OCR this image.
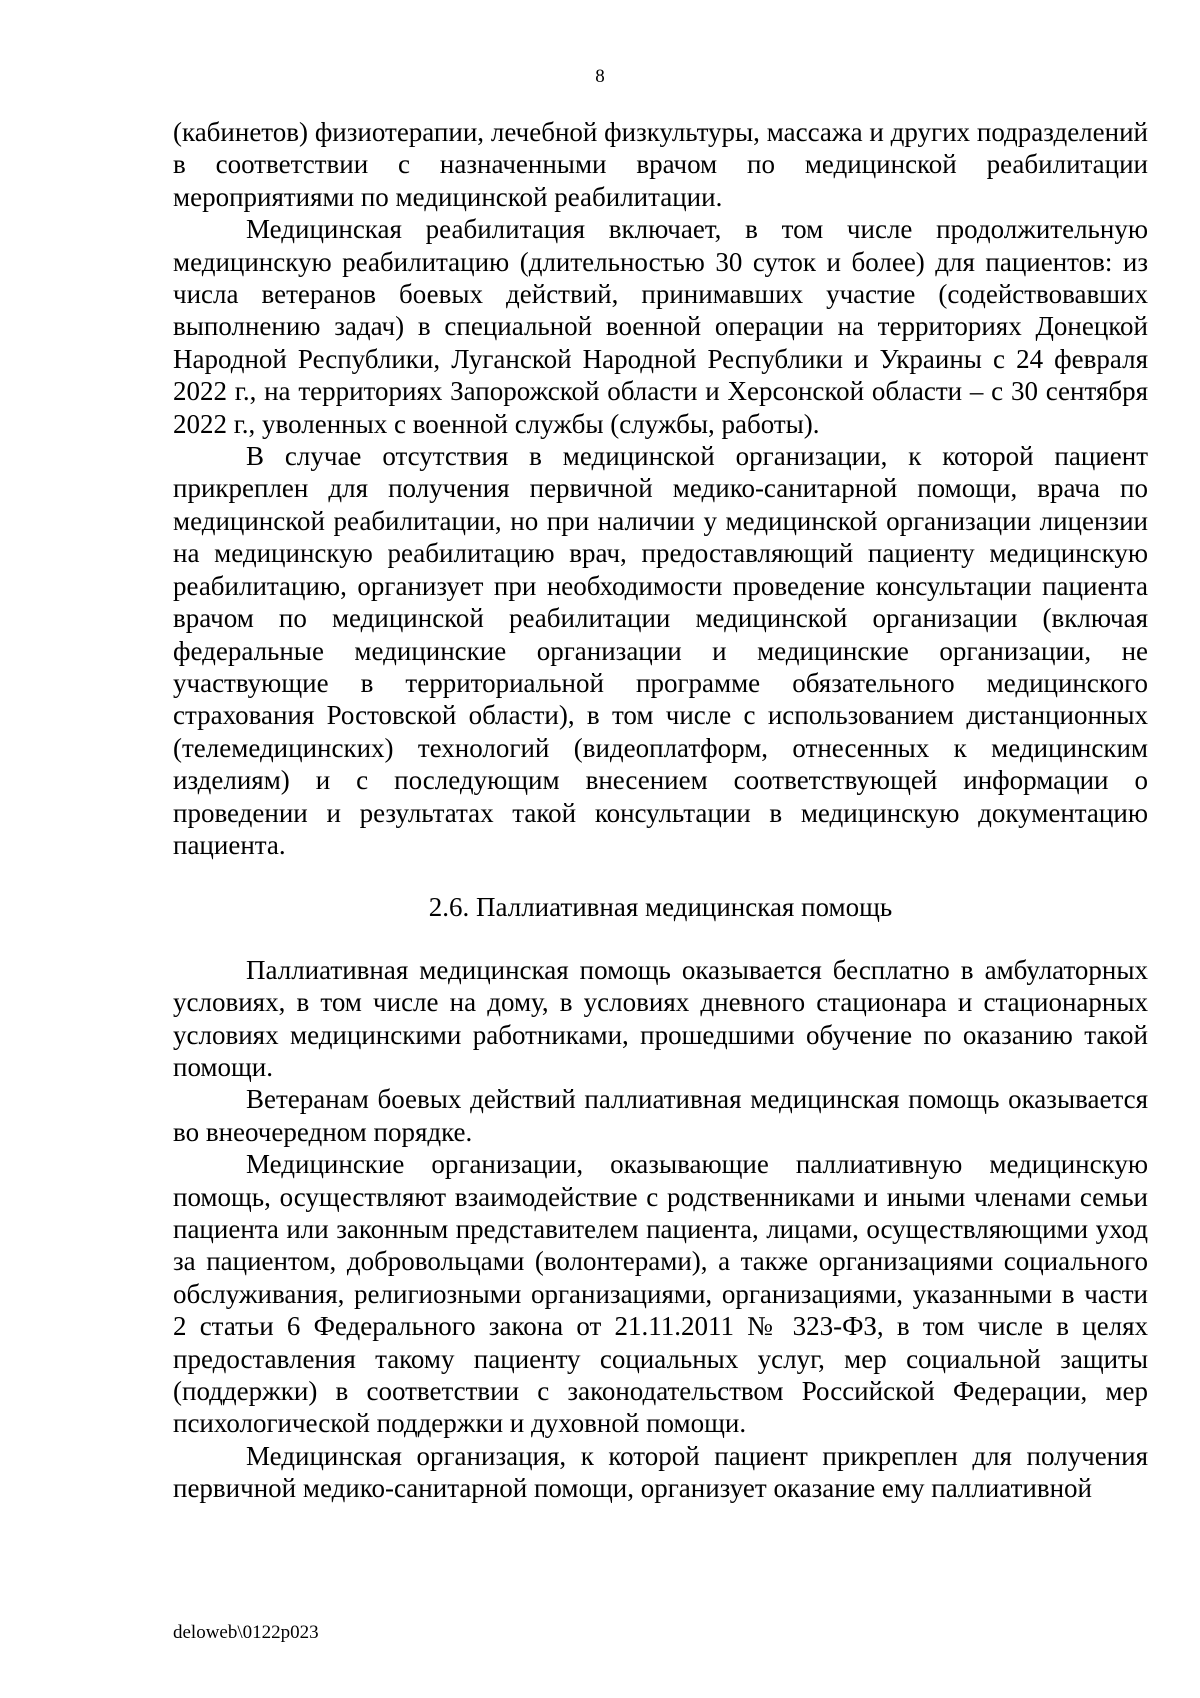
8

(кабинетов) физиотерапии, лечебной физкультуры, массажа и других подразделений в соответствии с назначенными врачом по медицинской реабилитации мероприятиями по медицинской реабилитации.

Медицинская реабилитация включает, в том числе продолжительную медицинскую реабилитацию (длительностью 30 суток и более) для пациентов: из числа ветеранов боевых действий, принимавших участие (содействовавших выполнению задач) в специальной военной операции на территориях Донецкой Народной Республики, Луганской Народной Республики и Украины с 24 февраля 2022 г., на территориях Запорожской области и Херсонской области – с 30 сентября 2022 г., уволенных с военной службы (службы, работы).

В случае отсутствия в медицинской организации, к которой пациент прикреплен для получения первичной медико-санитарной помощи, врача по медицинской реабилитации, но при наличии у медицинской организации лицензии на медицинскую реабилитацию врач, предоставляющий пациенту медицинскую реабилитацию, организует при необходимости проведение консультации пациента врачом по медицинской реабилитации медицинской организации (включая федеральные медицинские организации и медицинские организации, не участвующие в территориальной программе обязательного медицинского страхования Ростовской области), в том числе с использованием дистанционных (телемедицинских) технологий (видеоплатформ, отнесенных к медицинским изделиям) и с последующим внесением соответствующей информации о проведении и результатах такой консультации в медицинскую документацию пациента.

2.6. Паллиативная медицинская помощь

Паллиативная медицинская помощь оказывается бесплатно в амбулаторных условиях, в том числе на дому, в условиях дневного стационара и стационарных условиях медицинскими работниками, прошедшими обучение по оказанию такой помощи.

Ветеранам боевых действий паллиативная медицинская помощь оказывается во внеочередном порядке.

Медицинские организации, оказывающие паллиативную медицинскую помощь, осуществляют взаимодействие с родственниками и иными членами семьи пациента или законным представителем пациента, лицами, осуществляющими уход за пациентом, добровольцами (волонтерами), а также организациями социального обслуживания, религиозными организациями, организациями, указанными в части 2 статьи 6 Федерального закона от 21.11.2011 № 323-ФЗ, в том числе в целях предоставления такому пациенту социальных услуг, мер социальной защиты (поддержки) в соответствии с законодательством Российской Федерации, мер психологической поддержки и духовной помощи.

Медицинская организация, к которой пациент прикреплен для получения первичной медико-санитарной помощи, организует оказание ему паллиативной

deloweb\0122p023
